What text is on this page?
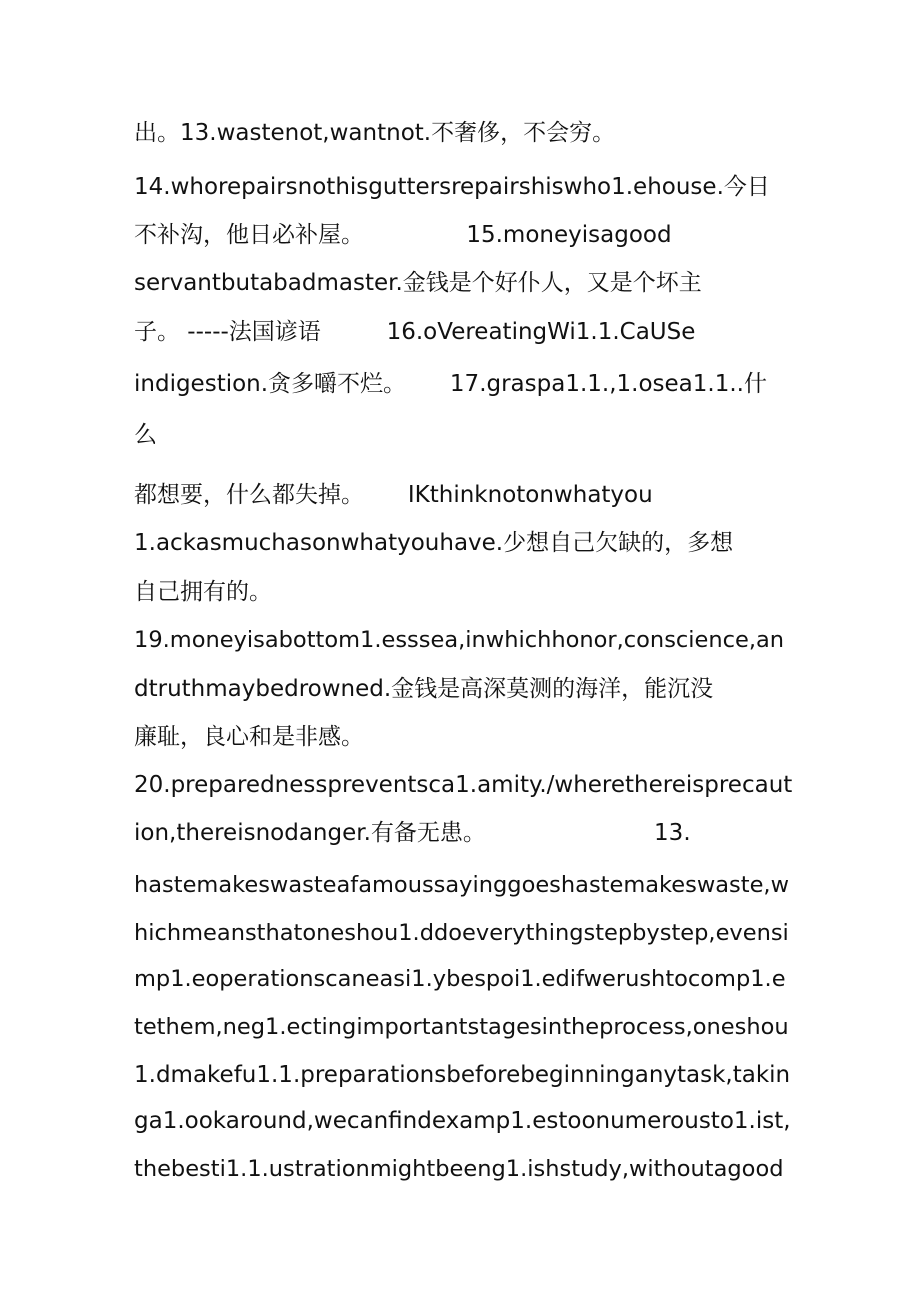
出。13.wastenot,wantnot.不奢侈，不会穷。
14.whorepairsnothisguttersrepairshiswho1.ehouse.今日
不补沟，他日必补屋。              15.moneyisagood
servantbutabadmaster.金钱是个好仆人，又是个坏主
子。 -----法国谚语         16.oVereatingWi1.1.CaUSe
indigestion.贪多嚼不烂。      17.graspa1.1.,1.osea1.1..什
么
都想要，什么都失掉。      IKthinknotonwhatyou
1.ackasmuchasonwhatyouhave.少想自己欠缺的，多想
自己拥有的。
19.moneyisabottom1.esssea,inwhichhonor,conscience,an
dtruthmaybedrowned.金钱是高深莫测的海洋，能沉没
廉耻，良心和是非感。
20.preparednesspreventsca1.amity./wherethereisprecaut
ion,thereisnodanger.有备无患。                       13.
hastemakeswasteafamoussayinggoeshastemakeswaste,w
hichmeansthatoneshou1.ddoeverythingstepbystep,evensi
mp1.eoperationscaneasi1.ybespoi1.edifwerushtocomp1.e
tethem,neg1.ectingimportantstagesintheprocess,oneshou
1.dmakefu1.1.preparationsbeforebeginninganytask,takin
ga1.ookaround,wecanfindexamp1.estoonumerousto1.ist,
thebesti1.1.ustrationmightbeeng1.ishstudy,withoutagood
